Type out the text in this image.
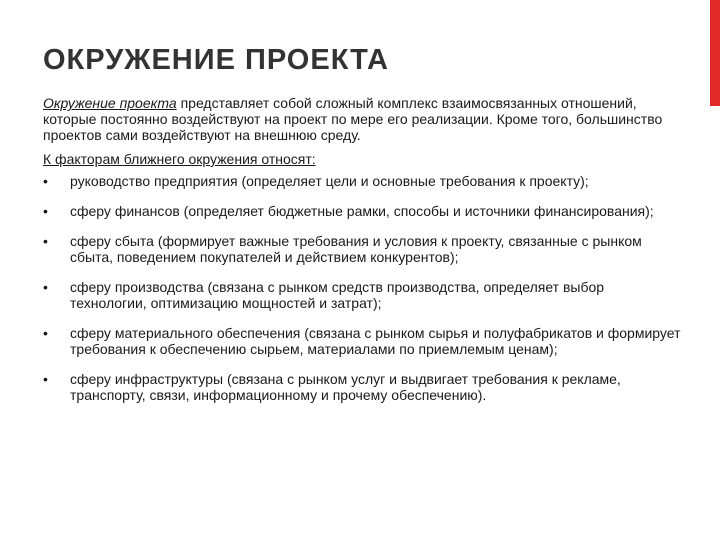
ОКРУЖЕНИЕ ПРОЕКТА

Окружение проекта представляет собой сложный комплекс взаимосвязанных отношений, которые постоянно воздействуют на проект по мере его реализации. Кроме того, большинство проектов сами воздействуют на внешнюю среду.

К факторам ближнего окружения относят:

•	руководство предприятия (определяет цели и основные требования к проекту);
•	сферу финансов (определяет бюджетные рамки, способы и источники финансирования);
•	сферу сбыта (формирует важные требования и условия к проекту, связанные с рынком сбыта, поведением покупателей и действием конкурентов);
•	сферу производства (связана с рынком средств производства, определяет выбор технологии, оптимизацию мощностей и затрат);
•	сферу материального обеспечения (связана с рынком сырья и полуфабрикатов и формирует требования к обеспечению сырьем, материалами по приемлемым ценам);
•	сферу инфраструктуры (связана с рынком услуг и выдвигает требования к рекламе, транспорту, связи, информационному и прочему обеспечению).
